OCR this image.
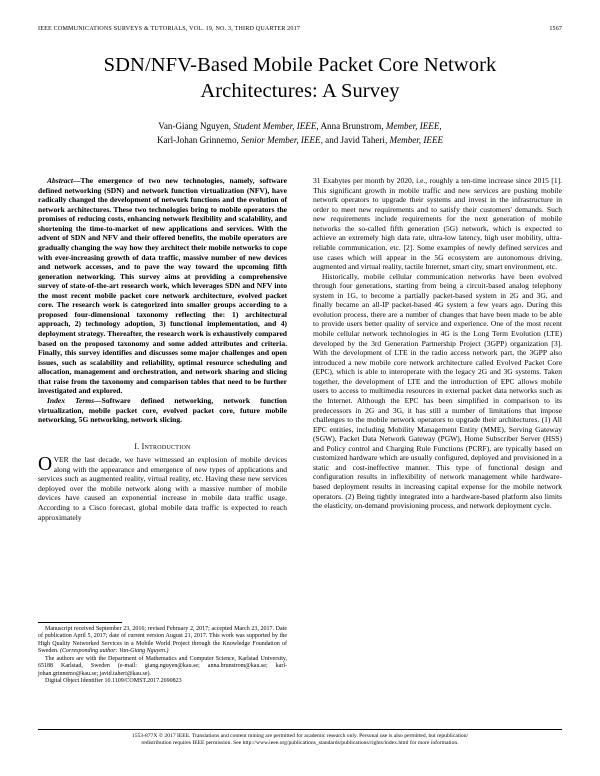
IEEE COMMUNICATIONS SURVEYS & TUTORIALS, VOL. 19, NO. 3, THIRD QUARTER 2017	1567
SDN/NFV-Based Mobile Packet Core Network
Architectures: A Survey
Van-Giang Nguyen, Student Member, IEEE, Anna Brunstrom, Member, IEEE,
Karl-Johan Grinnemo, Senior Member, IEEE, and Javid Taheri, Member, IEEE

Abstract—The emergence of two new technologies, namely, software defined networking (SDN) and network function virtualization (NFV), have radically changed the development of network functions and the evolution of network architectures. These two technologies bring to mobile operators the promises of reducing costs, enhancing network flexibility and scalability, and shortening the time-to-market of new applications and services. With the advent of SDN and NFV and their offered benefits, the mobile operators are gradually changing the way how they architect their mobile networks to cope with ever-increasing growth of data traffic, massive number of new devices and network accesses, and to pave the way toward the upcoming fifth generation networking. This survey aims at providing a comprehensive survey of state-of-the-art research work, which leverages SDN and NFV into the most recent mobile packet core network architecture, evolved packet core. The research work is categorized into smaller groups according to a proposed four-dimensional taxonomy reflecting the: 1) architectural approach, 2) technology adoption, 3) functional implementation, and 4) deployment strategy. Thereafter, the research work is exhaustively compared based on the proposed taxonomy and some added attributes and criteria. Finally, this survey identifies and discusses some major challenges and open issues, such as scalability and reliability, optimal resource scheduling and allocation, management and orchestration, and network sharing and slicing that raise from the taxonomy and comparison tables that need to be further investigated and explored.

Index Terms—Software defined networking, network function virtualization, mobile packet core, evolved packet core, future mobile networking, 5G networking, network slicing.

I. Introduction

OVER the last decade, we have witnessed an explosion of mobile devices along with the appearance and emergence of new types of applications and services such as augmented reality, virtual reality, etc. Having these new services deployed over the mobile network along with a massive number of mobile devices have caused an exponential increase in mobile data traffic usage. According to a Cisco forecast, global mobile data traffic is expected to reach approximately

31 Exabytes per month by 2020, i.e., roughly a ten-time increase since 2015 [1]. This significant growth in mobile traffic and new services are pushing mobile network operators to upgrade their systems and invest in the infrastructure in order to meet new requirements and to satisfy their customers' demands. Such new requirements include requirements for the next generation of mobile networks the so-called fifth generation (5G) network, which is expected to achieve an extremely high data rate, ultra-low latency, high user mobility, ultra-reliable communication, etc. [2]. Some examples of newly defined services and use cases which will appear in the 5G ecosystem are autonomous driving, augmented and virtual reality, tactile Internet, smart city, smart environment, etc.

Historically, mobile cellular communication networks have been evolved through four generations, starting from being a circuit-based analog telephony system in 1G, to become a partially packet-based system in 2G and 3G, and finally became an all-IP packet-based 4G system a few years ago. During this evolution process, there are a number of changes that have been made to be able to provide users better quality of service and experience. One of the most recent mobile cellular network technologies in 4G is the Long Term Evolution (LTE) developed by the 3rd Generation Partnership Project (3GPP) organization [3]. With the development of LTE in the radio access network part, the 3GPP also introduced a new mobile core network architecture called Evolved Packet Core (EPC), which is able to interoperate with the legacy 2G and 3G systems. Taken together, the development of LTE and the introduction of EPC allows mobile users to access to multimedia resources in external packet data networks such as the Internet. Although the EPC has been simplified in comparison to its predecessors in 2G and 3G, it has still a number of limitations that impose challenges to the mobile network operators to upgrade their architectures. (1) All EPC entities, including Mobility Management Entity (MME), Serving Gateway (SGW), Packet Data Network Gateway (PGW), Home Subscriber Server (HSS) and Policy control and Charging Rule Functions (PCRF), are typically based on customized hardware which are usually configured, deployed and provisioned in a static and cost-ineffective manner. This type of functional design and configuration results in inflexibility of network management while hardware-based deployment results in increasing capital expense for the mobile network operators. (2) Being tightly integrated into a hardware-based platform also limits the elasticity, on-demand provisioning process, and network deployment cycle.

Manuscript received September 23, 2016; revised February 2, 2017; accepted March 23, 2017. Date of publication April 5, 2017; date of current version August 21, 2017. This work was supported by the High Quality Networked Services in a Mobile World Project through the Knowledge Foundation of Sweden. (Corresponding author: Van-Giang Nguyen.)

The authors are with the Department of Mathematics and Computer Science, Karlstad University, 65188 Karlstad, Sweden (e-mail: giang.nguyen@kau.se; anna.brunstrom@kau.se; karl-johan.grinnemo@kau.se; javid.taheri@kau.se).

Digital Object Identifier 10.1109/COMST.2017.2690823

1553-877X © 2017 IEEE. Translations and content mining are permitted for academic research only. Personal use is also permitted, but republication/
redistribution requires IEEE permission. See http://www.ieee.org/publications_standards/publications/rights/index.html for more information.
